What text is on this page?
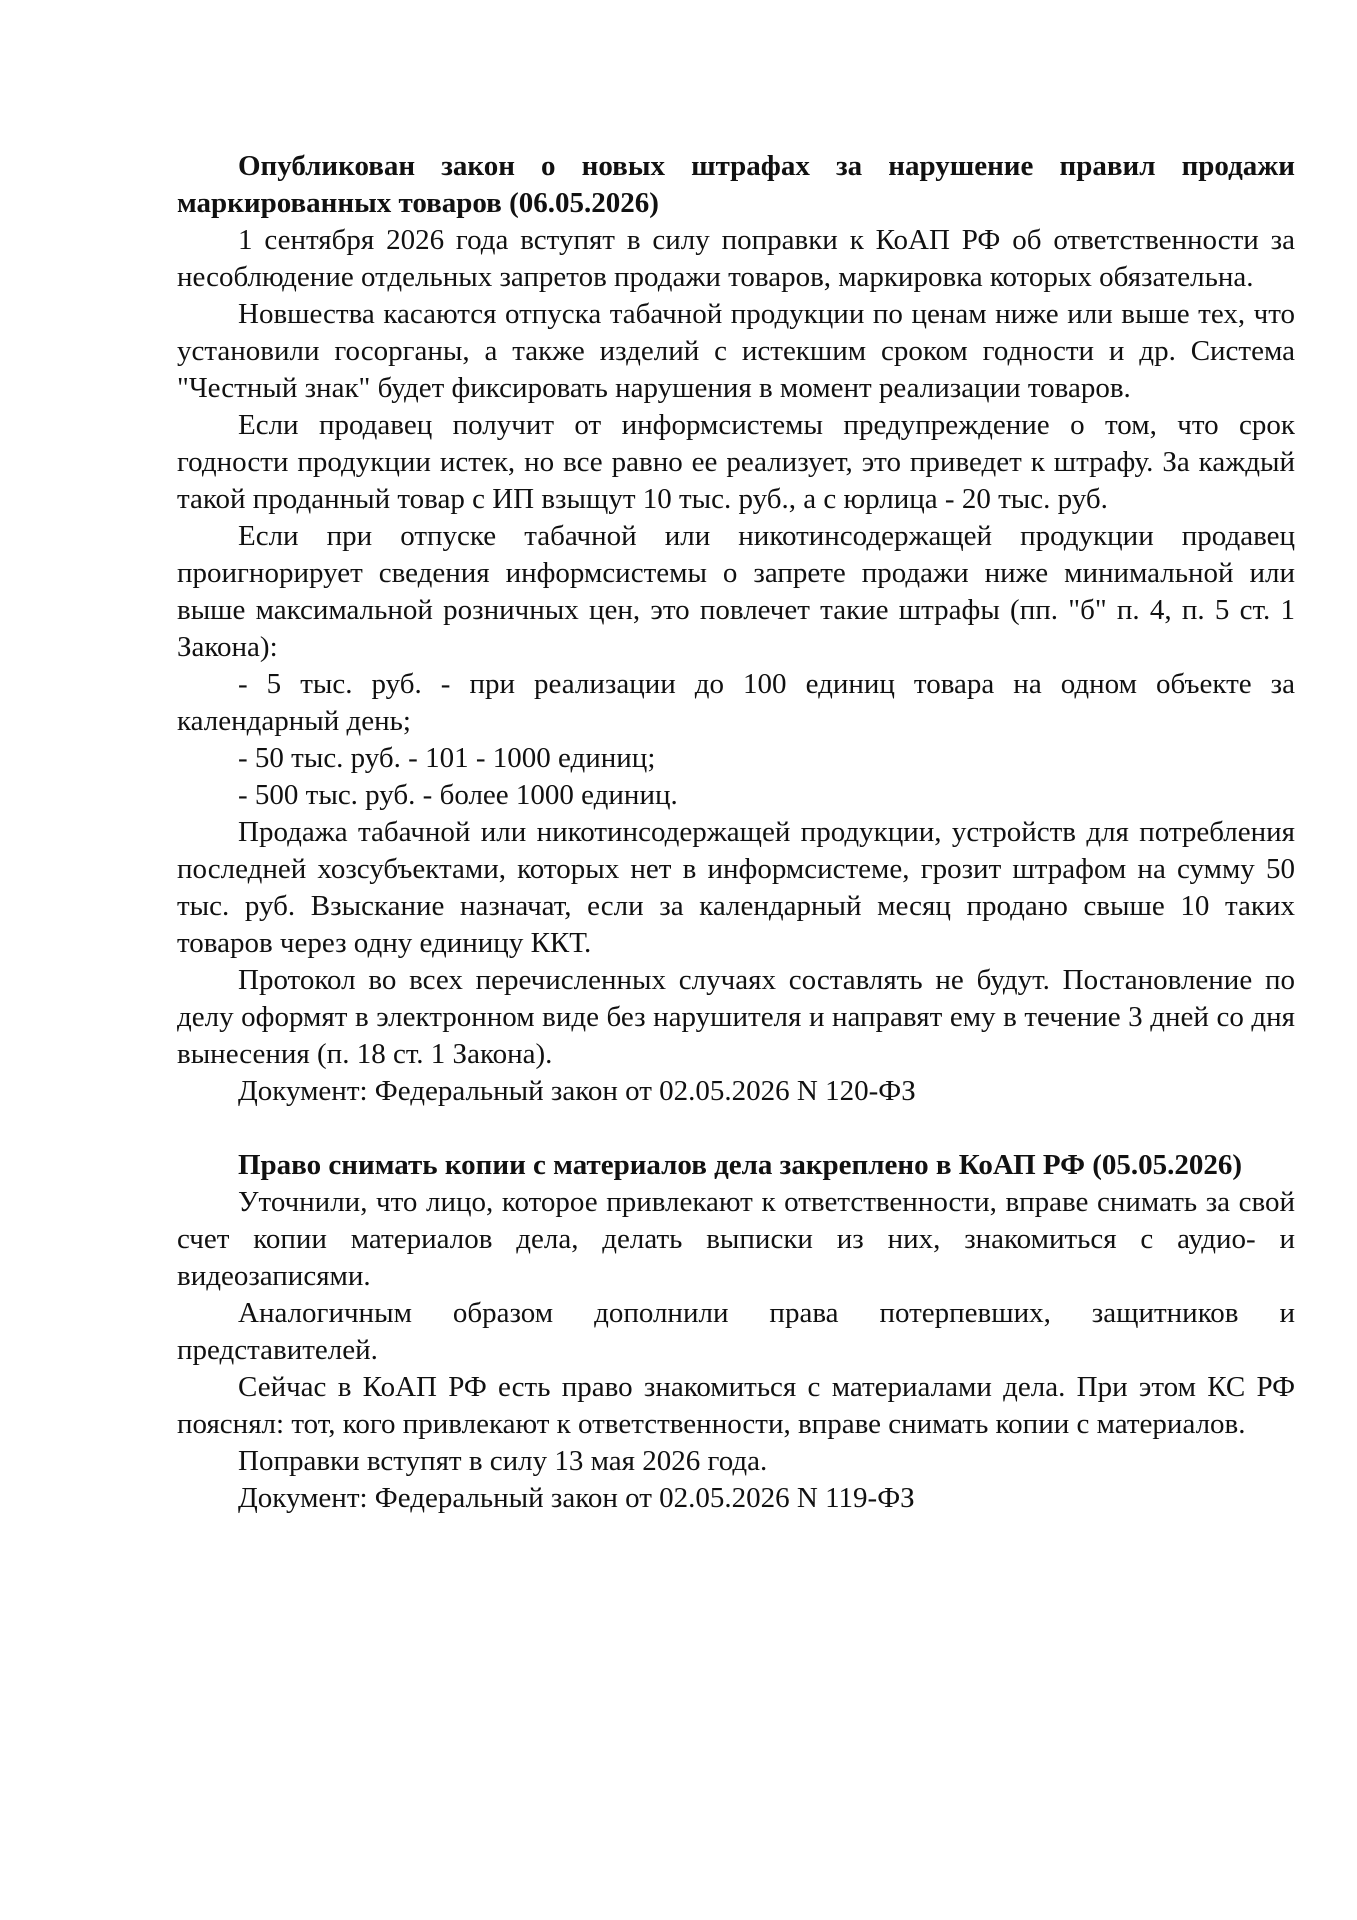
Опубликован закон о новых штрафах за нарушение правил продажи маркированных товаров (06.05.2026)

1 сентября 2026 года вступят в силу поправки к КоАП РФ об ответственности за несоблюдение отдельных запретов продажи товаров, маркировка которых обязательна.

Новшества касаются отпуска табачной продукции по ценам ниже или выше тех, что установили госорганы, а также изделий с истекшим сроком годности и др. Система "Честный знак" будет фиксировать нарушения в момент реализации товаров.

Если продавец получит от информсистемы предупреждение о том, что срок годности продукции истек, но все равно ее реализует, это приведет к штрафу. За каждый такой проданный товар с ИП взыщут 10 тыс. руб., а с юрлица - 20 тыс. руб.

Если при отпуске табачной или никотинсодержащей продукции продавец проигнорирует сведения информсистемы о запрете продажи ниже минимальной или выше максимальной розничных цен, это повлечет такие штрафы (пп. "б" п. 4, п. 5 ст. 1 Закона):

- 5 тыс. руб. - при реализации до 100 единиц товара на одном объекте за календарный день;

- 50 тыс. руб. - 101 - 1000 единиц;

- 500 тыс. руб. - более 1000 единиц.

Продажа табачной или никотинсодержащей продукции, устройств для потребления последней хозсубъектами, которых нет в информсистеме, грозит штрафом на сумму 50 тыс. руб. Взыскание назначат, если за календарный месяц продано свыше 10 таких товаров через одну единицу ККТ.

Протокол во всех перечисленных случаях составлять не будут. Постановление по делу оформят в электронном виде без нарушителя и направят ему в течение 3 дней со дня вынесения (п. 18 ст. 1 Закона).

Документ: Федеральный закон от 02.05.2026 N 120-ФЗ

Право снимать копии с материалов дела закреплено в КоАП РФ (05.05.2026)

Уточнили, что лицо, которое привлекают к ответственности, вправе снимать за свой счет копии материалов дела, делать выписки из них, знакомиться с аудио- и видеозаписями.

Аналогичным образом дополнили права потерпевших, защитников и представителей.

Сейчас в КоАП РФ есть право знакомиться с материалами дела. При этом КС РФ пояснял: тот, кого привлекают к ответственности, вправе снимать копии с материалов.

Поправки вступят в силу 13 мая 2026 года.

Документ: Федеральный закон от 02.05.2026 N 119-ФЗ
